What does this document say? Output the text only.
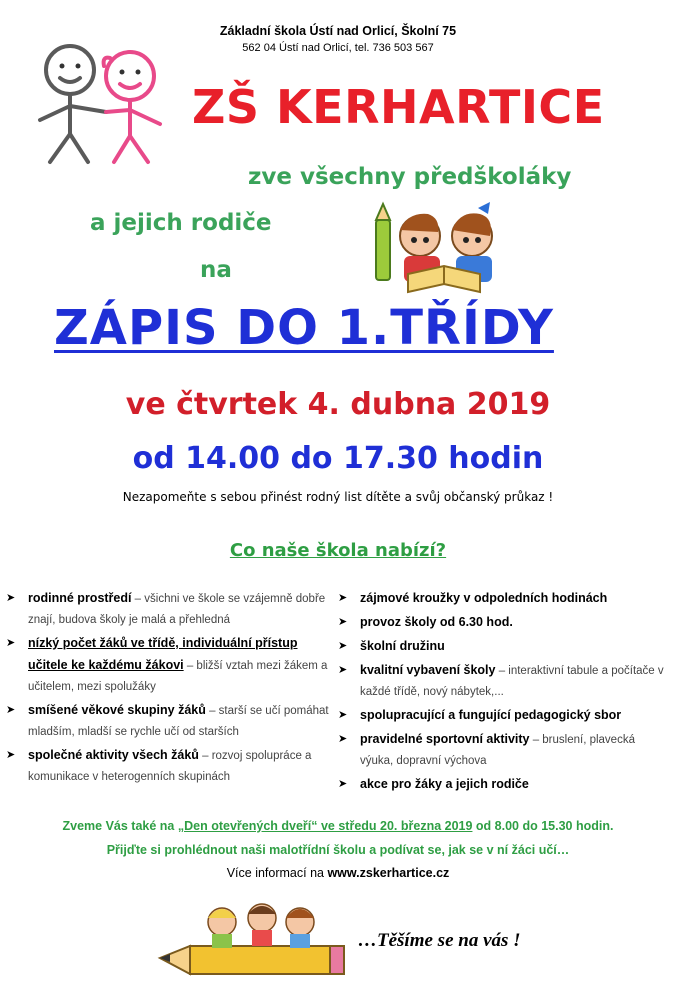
Základní škola Ústí nad Orlicí, Školní 75
562 04 Ústí nad Orlicí, tel. 736 503 567
ZŠ KERHARTICE
zve všechny předškoláky
a jejich rodiče
na
ZÁPIS DO 1.TŘÍDY
ve čtvrtek 4. dubna 2019
od 14.00 do 17.30 hodin
Nezapomeňte s sebou přinést rodný list dítěte a svůj občanský průkaz !
Co naše škola nabízí?
➤ rodinné prostředí – všichni ve škole se vzájemně dobře znají, budova školy je malá a přehledná
➤ nízký počet žáků ve třídě, individuální přístup učitele ke každému žákovi – bližší vztah mezi žákem a učitelem, mezi spolužáky
➤ smíšené věkové skupiny žáků – starší se učí pomáhat mladším, mladší se rychle učí od starších
➤ společné aktivity všech žáků – rozvoj spolupráce a komunikace v heterogenních skupinách
➤ zájmové kroužky v odpoledních hodinách
➤ provoz školy od 6.30 hod.
➤ školní družinu
➤ kvalitní vybavení školy – interaktivní tabule a počítače v každé třídě, nový nábytek,...
➤ spolupracující a fungující pedagogický sbor
➤ pravidelné sportovní aktivity – bruslení, plavecká výuka, dopravní výchova
➤ akce pro žáky a jejich rodiče
Zveme Vás také na „Den otevřených dveří“ ve středu 20. března 2019 od 8.00 do 15.30 hodin.
Přijďte si prohlédnout naši malotřídní školu a podívat se, jak se v ní žáci učí…
Více informací na www.zskerhartice.cz
…Těšíme se na vás !
